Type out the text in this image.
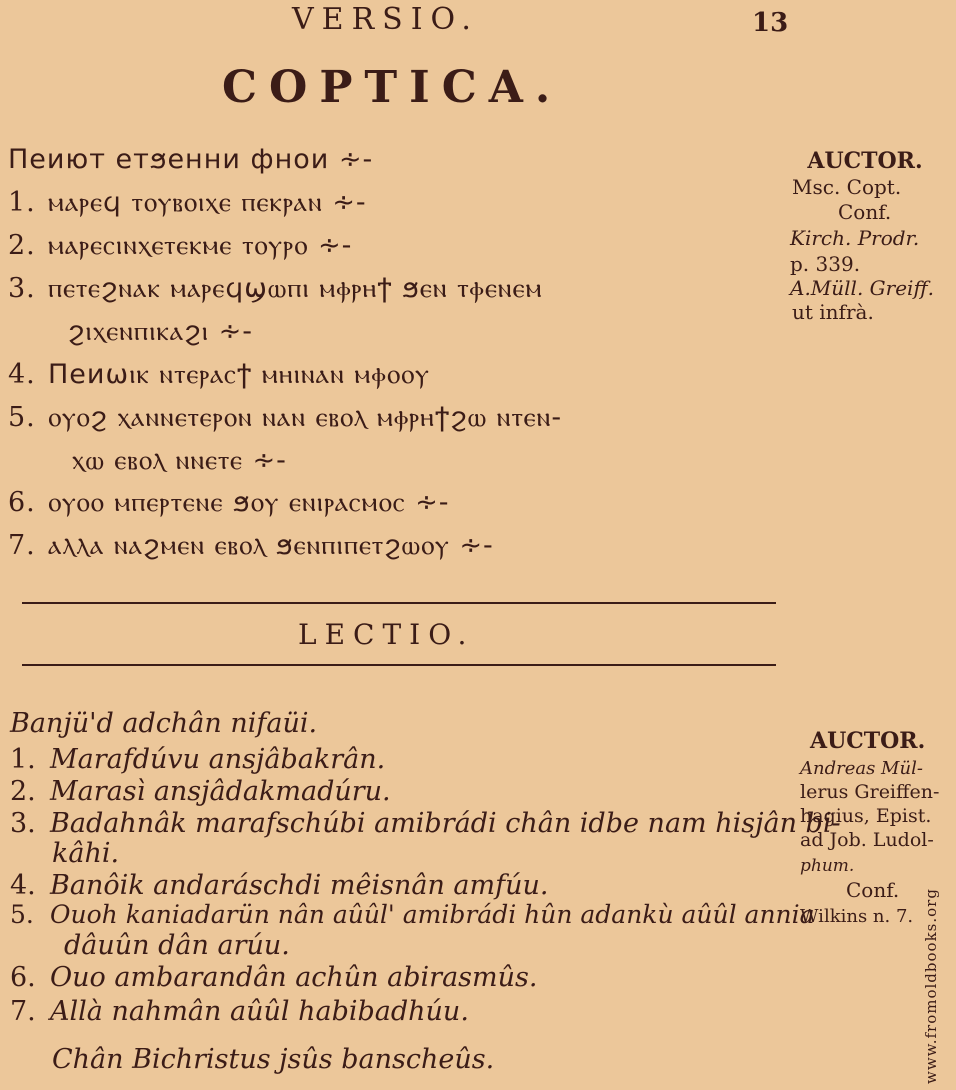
VERSIO.	13
COPTICA.
Пеиют етϧенни фнои ∻-
1. ⲙⲁⲣⲉϥ ⲧⲟⲩⲃⲟⲓⲭⲉ ⲡⲉⲕⲣⲁⲛ ∻-
2. ⲙⲁⲣⲉⲥⲓⲛⲭⲉⲧⲉⲕⲙⲉ ⲧⲟⲩⲣⲟ ∻-
3. ⲡⲉⲧⲉϩⲛⲁⲕ ⲙⲁⲣⲉϥϣⲱⲡⲓ ⲙⲫⲣⲏϯ ϧⲉⲛ ⲧⲫⲉⲛⲉⲙ
ϩⲓⲭⲉⲛⲡⲓⲕⲁϩⲓ ∻-
4. Пеиωⲓⲕ ⲛⲧⲉⲣⲁⲥϯ ⲙⲏⲓⲛⲁⲛ ⲙⲫⲟⲟⲩ
5. ⲟⲩⲟϩ ⲭⲁⲛⲛⲉⲧⲉⲣⲟⲛ ⲛⲁⲛ ⲉⲃⲟⲗ ⲙⲫⲣⲏϯϩⲱ ⲛⲧⲉⲛ-
ⲭⲱ ⲉⲃⲟⲗ ⲛⲛⲉⲧⲉ ∻-
6. ⲟⲩⲟⲟ ⲙⲡⲉⲣⲧⲉⲛⲉ ϧⲟⲩ ⲉⲛⲓⲣⲁⲥⲙⲟⲥ ∻-
7. ⲁⲗⲗⲁ ⲛⲁϩⲙⲉⲛ ⲉⲃⲟⲗ ϧⲉⲛⲡⲓⲡⲉⲧϩⲱⲟⲩ ∻-
AUCTOR.
Msc. Copt.
Conf.
Kirch. Prodr.
p. 339.
A.Müll. Greiff.
ut infrà.
LECTIO.
Banjü'd adchân nifaüi.
1. Marafdúvu ansjâbakrân.
2. Marasì ansjâdakmadúru.
3. Badahnâk marafschúbi amibrádi chân idbe nam hisjân bi-
kâhi.
4. Banôik andaráschdi mêisnân amfúu.
5. Ouoh kaniadarün nân aûûl' amibrádi hûn adankù aûûl annia
dâuûn dân arúu.
6. Ouo ambarandân achûn abirasmûs.
7. Allà nahmân aûûl habibadhúu.
Chân Bichristus jsûs banscheûs.
AUCTOR.
Andreas Mül-
lerus Greiffen-
hagius, Epist.
ad Job. Ludol-
phum.
Conf.
Wilkins n. 7. www.fromoldbooks.org
